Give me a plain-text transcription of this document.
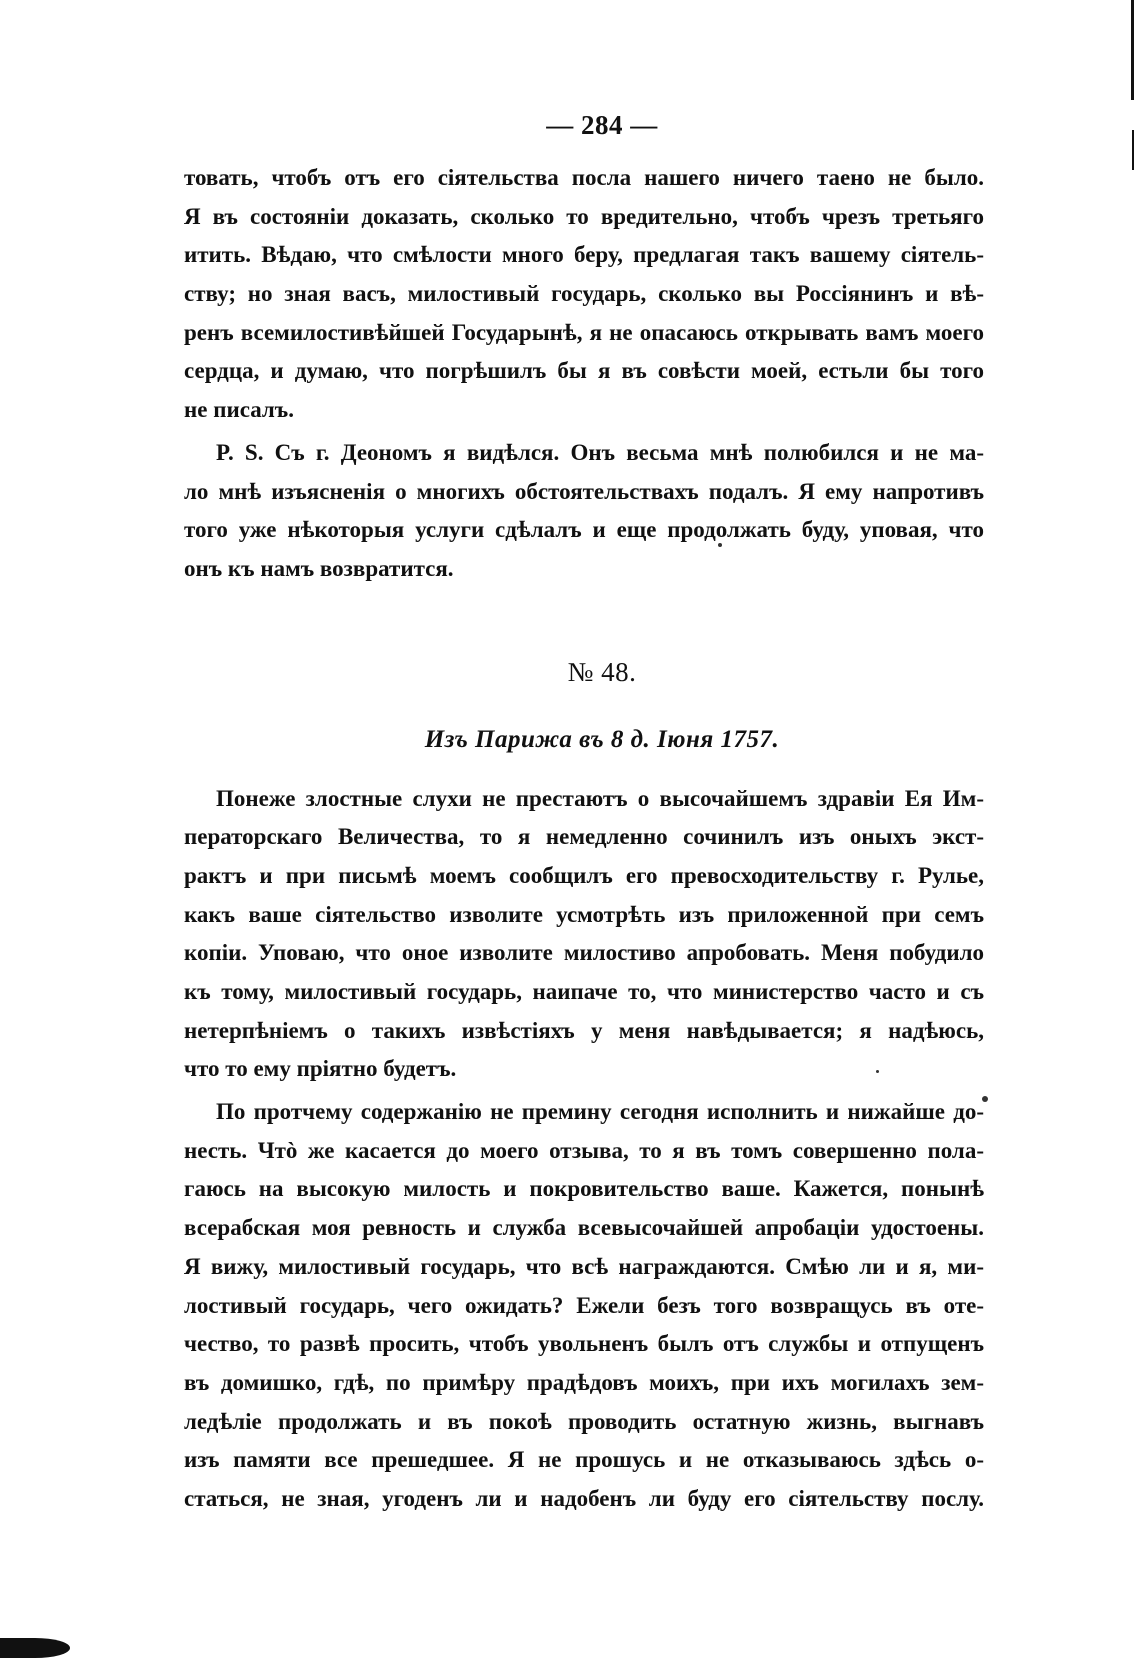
— 284 —
товать, чтобъ отъ его сiятельства посла нашего ничего таено не было.
Я въ состоянiи доказать, сколько то вредительно, чтобъ чрезъ третьяго
итить. Вѣдаю, что смѣлости много беру, предлагая такъ вашему сiятель-
ству; но зная васъ, милостивый государь, сколько вы Россiянинъ и вѣ-
ренъ всемилостивѣйшей Государынѣ, я не опасаюсь открывать вамъ моего
сердца, и думаю, что погрѣшилъ бы я въ совѣсти моей, естьли бы того
не писалъ.
P. S. Съ г. Деономъ я видѣлся. Онъ весьма мнѣ полюбился и не ма-
ло мнѣ изъясненiя о многихъ обстоятельствахъ подалъ. Я ему напротивъ
того уже нѣкоторыя услуги сдѣлалъ и еще продолжать буду, уповая, что
онъ къ намъ возвратится.
№ 48.
Изъ Парижа въ 8 д. Iюня 1757.
Понеже злостные слухи не престаютъ о высочайшемъ здравiи Ея Им-
ператорскаго Величества, то я немедленно сочинилъ изъ оныхъ экст-
рактъ и при письмѣ моемъ сообщилъ его превосходительству г. Рулье,
какъ ваше сiятельство изволите усмотрѣть изъ приложенной при семъ
копiи. Уповаю, что оное изволите милостиво апробовать. Меня побудило
къ тому, милостивый государь, наипаче то, что министерство часто и съ
нетерпѣнiемъ о такихъ извѣстiяхъ у меня навѣдывается; я надѣюсь,
что то ему прiятно будетъ.
По протчему содержанiю не премину сегодня исполнить и нижайше до-
несть. Чтò же касается до моего отзыва, то я въ томъ совершенно пола-
гаюсь на высокую милость и покровительство ваше. Кажется, понынѣ
всерабская моя ревность и служба всевысочайшей апробацiи удостоены.
Я вижу, милостивый государь, что всѣ награждаются. Смѣю ли и я, ми-
лостивый государь, чего ожидать? Ежели безъ того возвращусь въ оте-
чество, то развѣ просить, чтобъ увольненъ былъ отъ службы и отпущенъ
въ домишко, гдѣ, по примѣру прадѣдовъ моихъ, при ихъ могилахъ зем-
ледѣлiе продолжать и въ покоѣ проводить остатную жизнь, выгнавъ
изъ памяти все прешедшее. Я не прошусь и не отказываюсь здѣсь о-
статься, не зная, угоденъ ли и надобенъ ли буду его сiятельству послу.
